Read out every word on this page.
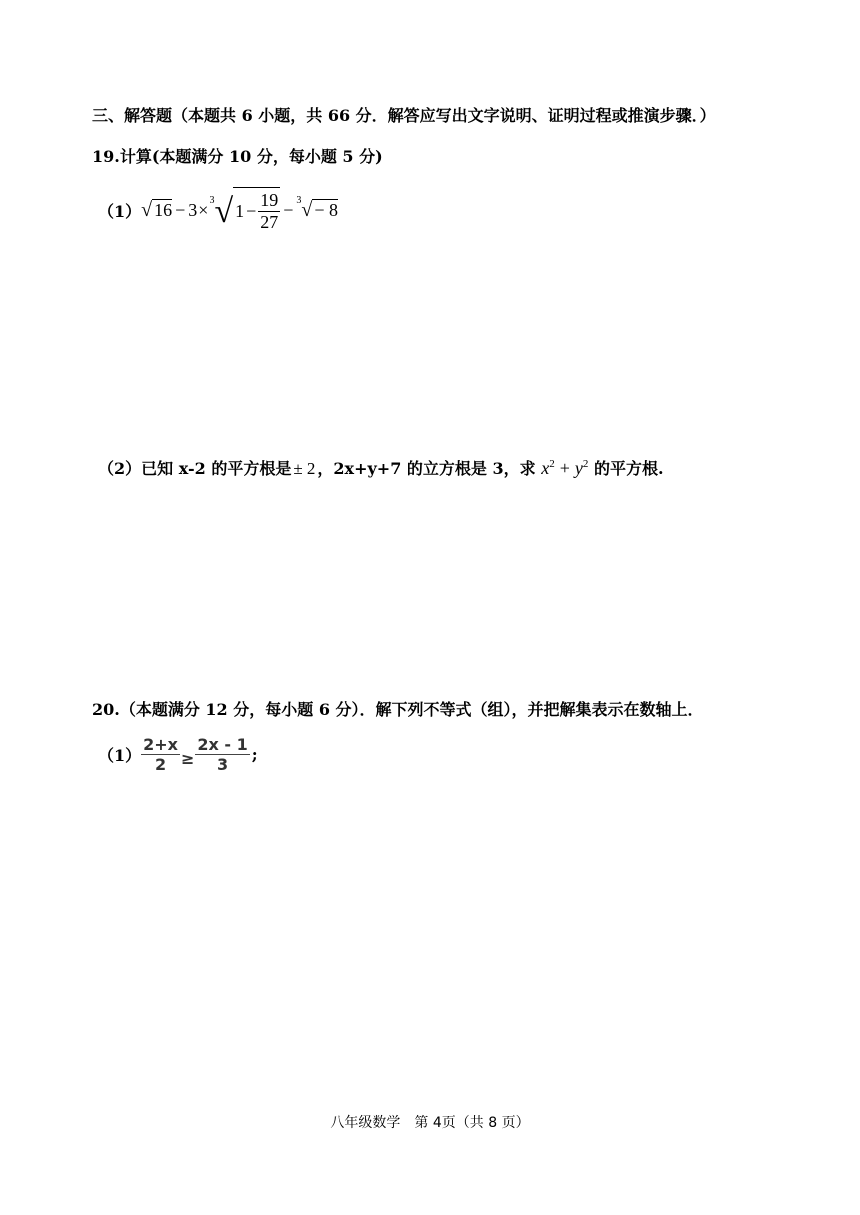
三、解答题（本题共 6 小题，共 66 分．解答应写出文字说明、证明过程或推演步骤．）
19.计算(本题满分 10 分，每小题 5 分)
（1） √ 16 − 3 × 3 √ $1 - \frac{19}{27} - 3$ √ − 8
（2）已知 x-2 的平方根是 ± 2 ，2x+y+7 的立方根是 3，求 $x^2 + y^2$ 的平方根.
20.（本题满分 12 分，每小题 6 分）．解下列不等式（组），并把解集表示在数轴上．
$(1) \frac{2+x}{2} \ge \frac{2x - 1}{3}$ ;
八年级数学　第 4页（共 8 页）
